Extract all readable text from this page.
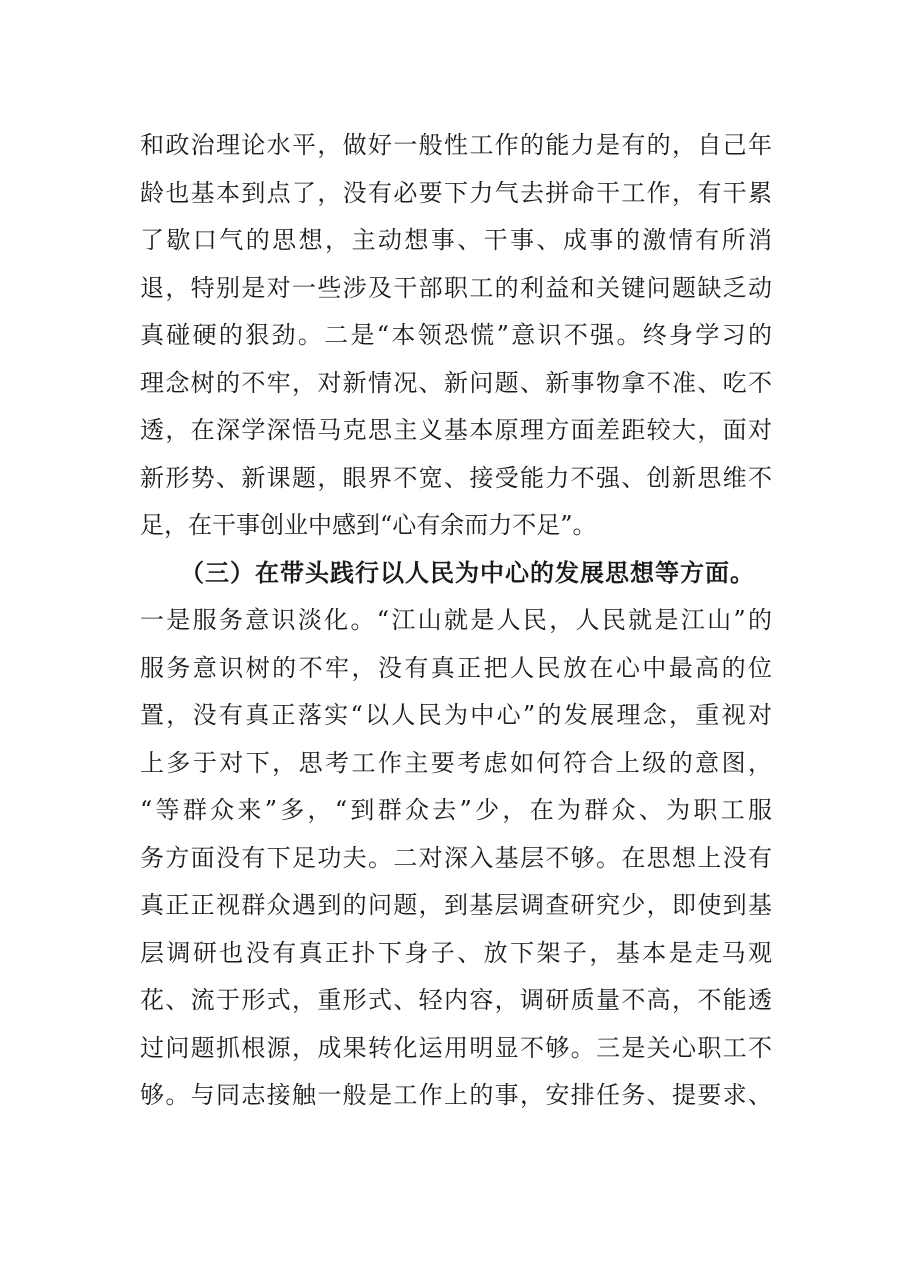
和政治理论水平，做好一般性工作的能力是有的，自己年
龄也基本到点了，没有必要下力气去拼命干工作，有干累
了歇口气的思想，主动想事、干事、成事的激情有所消
退，特别是对一些涉及干部职工的利益和关键问题缺乏动
真碰硬的狠劲。二是“本领恐慌”意识不强。终身学习的
理念树的不牢，对新情况、新问题、新事物拿不准、吃不
透，在深学深悟马克思主义基本原理方面差距较大，面对
新形势、新课题，眼界不宽、接受能力不强、创新思维不
足，在干事创业中感到“心有余而力不足”。
（三）在带头践行以人民为中心的发展思想等方面。
一是服务意识淡化。“江山就是人民，人民就是江山”的
服务意识树的不牢，没有真正把人民放在心中最高的位
置，没有真正落实“以人民为中心”的发展理念，重视对
上多于对下，思考工作主要考虑如何符合上级的意图，
“等群众来”多，“到群众去”少，在为群众、为职工服
务方面没有下足功夫。二对深入基层不够。在思想上没有
真正正视群众遇到的问题，到基层调查研究少，即使到基
层调研也没有真正扑下身子、放下架子，基本是走马观
花、流于形式，重形式、轻内容，调研质量不高，不能透
过问题抓根源，成果转化运用明显不够。三是关心职工不
够。与同志接触一般是工作上的事，安排任务、提要求、
